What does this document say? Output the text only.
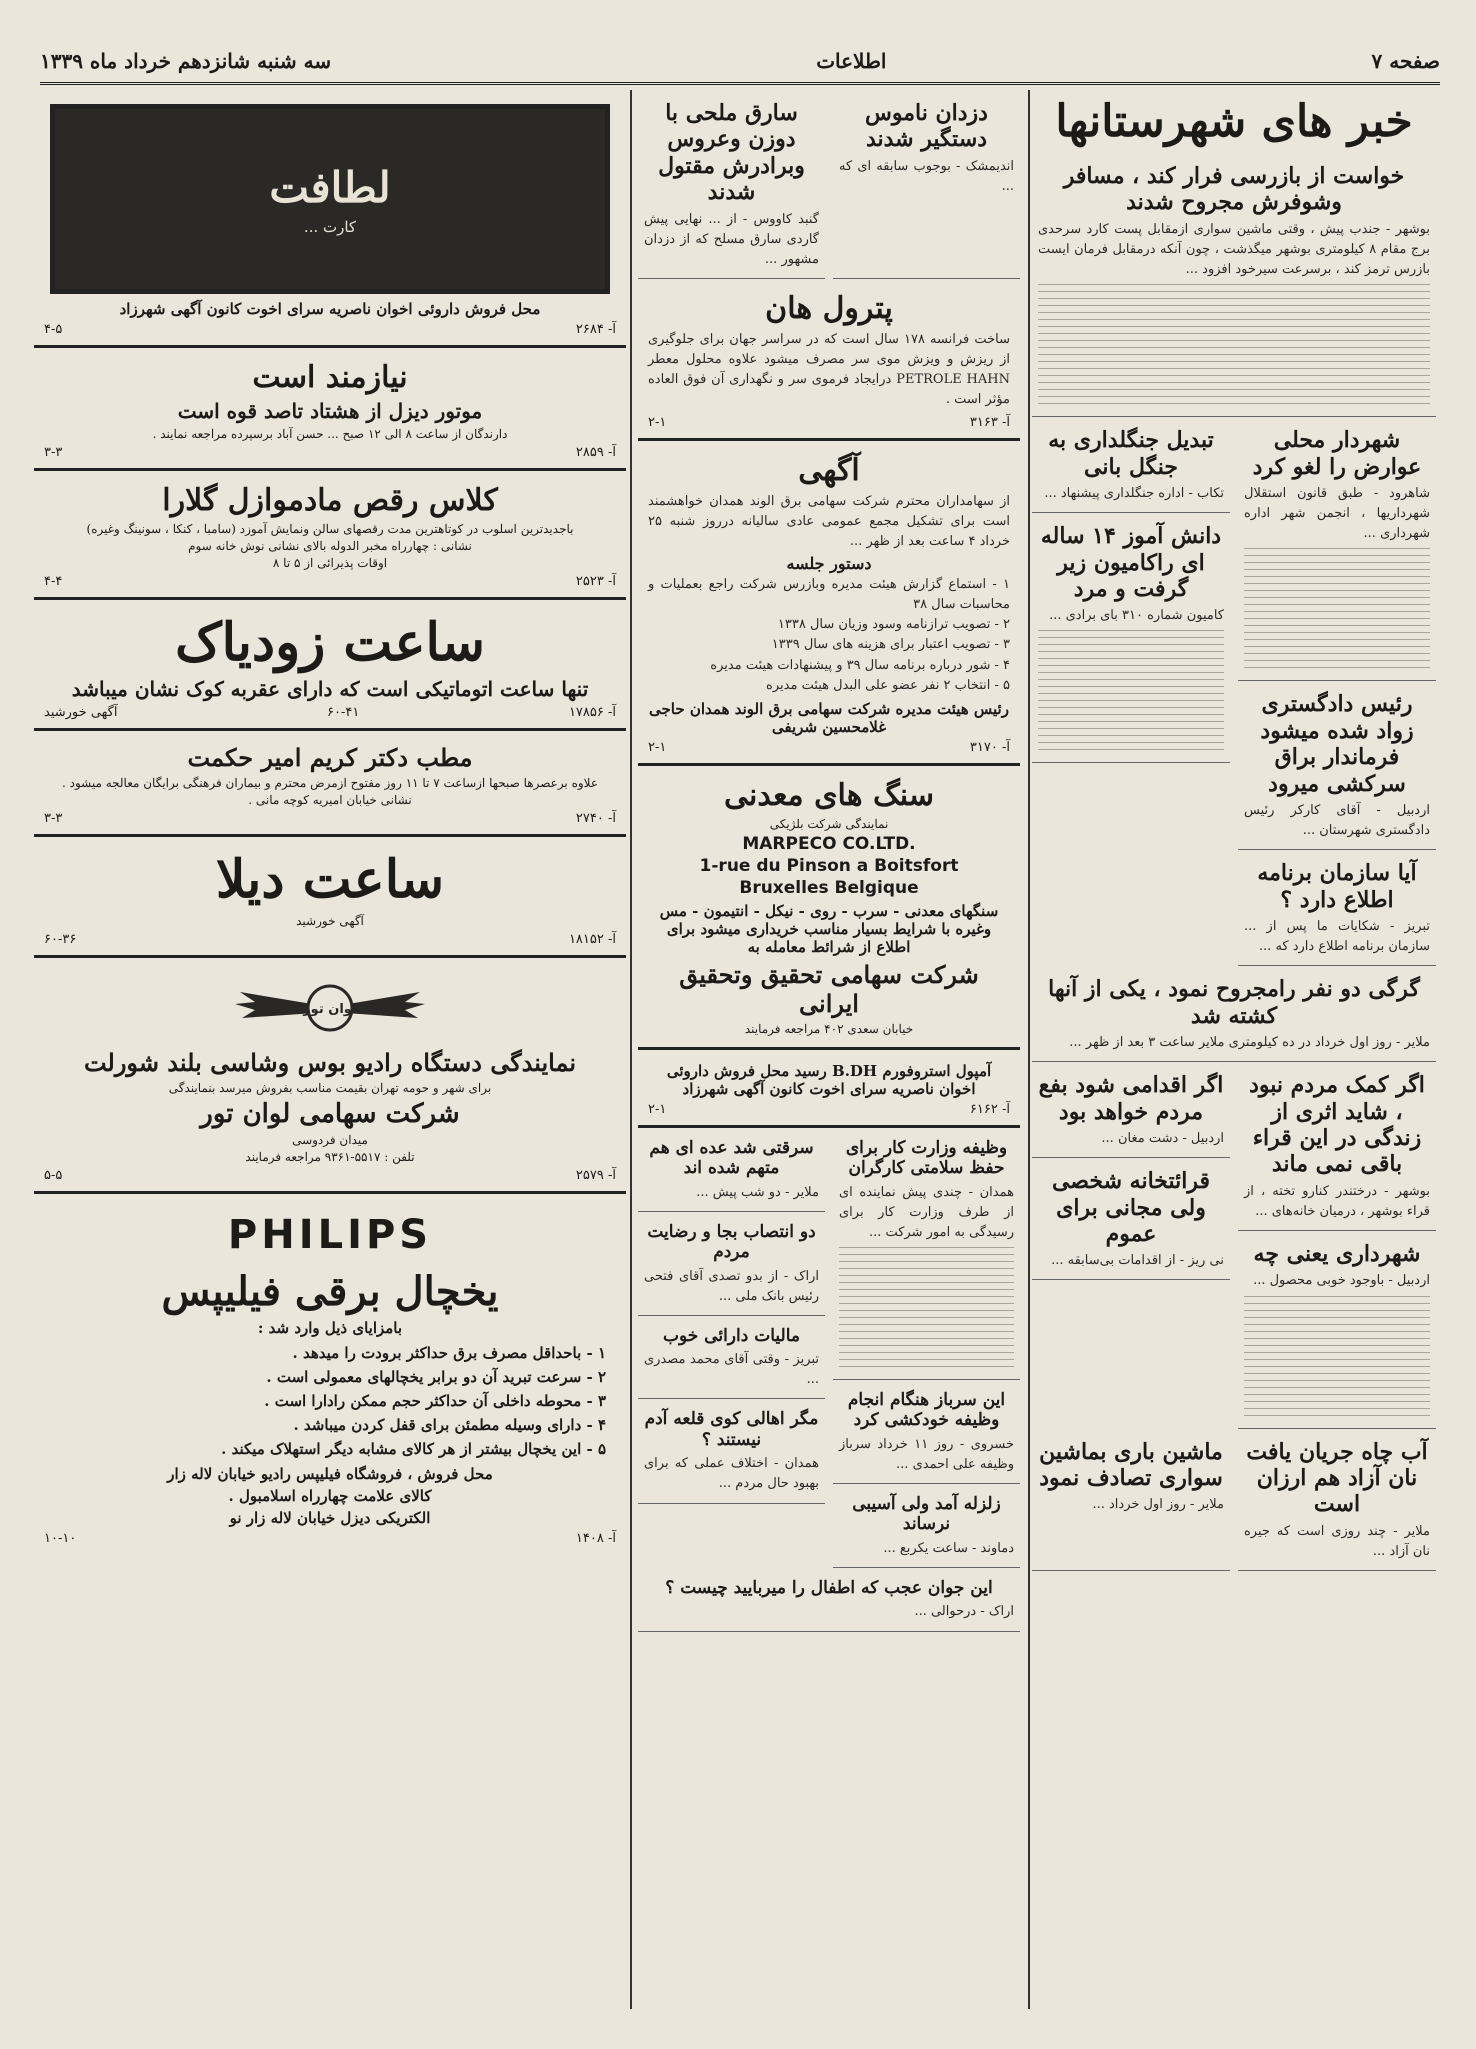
صفحه ۷
اطلاعات
سه شنبه شانزدهم خرداد ماه ۱۳۳۹
خبر های شهرستانها
خواست از بازرسی فرار کند ، مسافر وشوفرش مجروح شدند
بوشهر - جندب پیش ، وقتی ماشین سواری ازمقابل پست کارد سرحدی برج مقام ۸ کیلومتری بوشهر میگذشت ، چون آنکه درمقابل فرمان ایست بازرس ترمز کند ، برسرعت سیرخود افزود ...
شهردار محلی عوارض را لغو کرد
شاهرود - طبق قانون استقلال شهرداریها ، انجمن شهر اداره شهرداری ...
رئیس دادگستری زواد شده میشود فرماندار براق سرکشی میرود
اردبیل - آقای کارکر رئیس دادگستری شهرستان ...
آیا سازمان برنامه اطلاع دارد ؟
تبریز - شکایات ما پس از ... سازمان برنامه اطلاع دارد که ...
تبدیل جنگلداری به جنگل بانی
تکاب - اداره جنگلداری پیشنهاد ...
دانش آموز ۱۴ ساله ای راکامیون زیر گرفت و مرد
کامیون شماره ۳۱۰ بای برادی ...
گرگی دو نفر رامجروح نمود ، یکی از آنها کشته شد
ملایر - روز اول خرداد در ده کیلومتری ملایر ساعت ۳ بعد از ظهر ...
اگر کمک مردم نبود ، شاید اثری از زندگی در این قراء باقی نمی ماند
بوشهر - درختندر کنارو تخته ، از قراء بوشهر ، درمیان خانه‌های ...
شهرداری یعنی چه
اردبیل - باوجود خوبی محصول ...
اگر اقدامی شود بفع مردم خواهد بود
اردبیل - دشت مغان ...
قرائتخانه شخصی ولی مجانی برای عموم
نی ریز - از اقدامات بی‌سابقه ...
آب چاه جریان یافت نان آزاد هم ارزان است
ملایر - چند روزی است که جیره نان آزاد ...
ماشین باری بماشین سواری تصادف نمود
ملایر - روز اول خرداد ...
دزدان ناموس دستگیر شدند
اندیمشک - بوجوب سابقه ای که ...
سارق ملحی با دوزن وعروس وبرادرش مقتول شدند
گنبد کاووس - از ... نهایی پیش گاردی سارق مسلح که از دزدان مشهور ...
پترول هان
ساخت فرانسه ۱۷۸ سال است که در سراسر جهان برای جلوگیری از ریزش و ویزش موی سر مصرف میشود علاوه محلول معطر PETROLE HAHN درایجاد فرموی سر و نگهداری آن فوق العاده مؤثر است .
آ- ۳۱۶۳
۲-۱
آگهی
از سهامداران محترم شرکت سهامی برق الوند همدان خواهشمند است برای تشکیل مجمع عمومی عادی سالیانه درروز شنبه ۲۵ خرداد ۴ ساعت بعد از ظهر ...
دستور جلسه
۱ - استماع گزارش هیئت مدیره وبازرس شرکت راجع بعملیات و محاسبات سال ۳۸
۲ - تصویب ترازنامه وسود وزیان سال ۱۳۳۸
۳ - تصویب اعتبار برای هزینه های سال ۱۳۳۹
۴ - شور درباره برنامه سال ۳۹ و پیشنهادات هیئت مدیره
۵ - انتخاب ۲ نفر عضو علی البدل هیئت مدیره
رئیس هیئت مدیره شرکت سهامی برق الوند همدان حاجی غلامحسین شریفی
آ- ۳۱۷۰
۲-۱
سنگ های معدنی
نمایندگی شرکت بلژیکی
MARPECO CO.LTD.
1-rue du Pinson a Boitsfort
Bruxelles Belgique
سنگهای معدنی - سرب - روی - نیکل - انتیمون - مس وغیره با شرایط بسیار مناسب خریداری میشود برای اطلاع از شرائط معامله به
شرکت سهامی تحقیق وتحقیق ایرانی
خیابان سعدی ۴۰۲ مراجعه فرمایند
آمپول استروفورم B.DH رسید محل فروش داروئی اخوان ناصریه سرای اخوت کانون آگهی شهرزاد
آ- ۶۱۶۲
۲-۱
وظیفه وزارت کار برای حفظ سلامتی کارگران
همدان - چندی پیش نماینده ای از طرف وزارت کار برای رسیدگی به امور شرکت ...
این سرباز هنگام انجام وظیفه خودکشی کرد
خسروی - روز ۱۱ خرداد سرباز وظیفه علی احمدی ...
زلزله آمد ولی آسیبی نرساند
دماوند - ساعت یکربع ...
سرقتی شد عده ای هم متهم شده اند
ملایر - دو شب پیش ...
دو انتصاب بجا و رضایت مردم
اراک - از بدو تصدی آقای فتحی رئیس بانک ملی ...
مالیات دارائی خوب
تبریز - وقتی آقای محمد مصدری ...
مگر اهالی کوی قلعه آدم نیستند ؟
همدان - اختلاف عملی که برای بهبود حال مردم ...
این جوان عجب که اطفال را میربایید چیست ؟
اراک - درحوالی ...
لطافت
کارت ...
محل فروش داروئی اخوان ناصریه سرای اخوت کانون آگهی شهرزاد
آ- ۲۶۸۴
۴-۵
نیازمند است
موتور دیزل از هشتاد تاصد قوه است
دارندگان از ساعت ۸ الی ۱۲ صبح ... حسن آباد برسپرده مراجعه نمایند .
آ- ۲۸۵۹
۳-۳
کلاس رقص مادموازل گلارا
باجدیدترین اسلوب در کوتاهترین مدت رقصهای سالن ونمایش آموزد (سامبا ، کنکا ، سونینگ وغیره)
نشانی : چهارراه مخبر الدوله بالای نشانی نوش خانه سوم
اوقات پذیرائی از ۵ تا ۸
آ- ۲۵۲۳
۴-۴
ساعت زودیاک
تنها ساعت اتوماتیکی است که دارای عقربه کوک نشان میباشد
آ- ۱۷۸۵۶
۶۰-۴۱
آگهی خورشید
مطب دکتر کریم امیر حکمت
علاوه برعصرها صبحها ازساعت ۷ تا ۱۱ روز مفتوح ازمرض محترم و بیماران فرهنگی برایگان معالجه میشود .
نشانی خیابان امیریه کوچه مانی .
آ- ۲۷۴۰
۳-۳
ساعت دیلا
آگهی خورشید
آ- ۱۸۱۵۲
۶۰-۳۶
لوان تور
نمایندگی دستگاه رادیو بوس وشاسی بلند شورلت
برای شهر و حومه تهران بقیمت مناسب بفروش میرسد بنمایندگی
شرکت سهامی لوان تور
میدان فردوسی
تلفن : ۵۵۱۷-۹۳۶۱ مراجعه فرمایند
آ- ۲۵۷۹
۵-۵
PHILIPS
یخچال برقی فیلیپس
بامزایای ذیل وارد شد :
۱ - باحداقل مصرف برق حداکثر برودت را میدهد .
۲ - سرعت تبرید آن دو برابر یخچالهای معمولی است .
۳ - محوطه داخلی آن حداکثر حجم ممکن رادارا است .
۴ - دارای وسیله مطمئن برای قفل کردن میباشد .
۵ - این یخچال بیشتر از هر کالای مشابه دیگر استهلاک میکند .
محل فروش ، فروشگاه فیلیپس رادیو خیابان لاله زار
کالای علامت چهارراه اسلامبول .
الکتریکی دیزل خیابان لاله زار نو
آ- ۱۴۰۸
۱۰-۱۰
